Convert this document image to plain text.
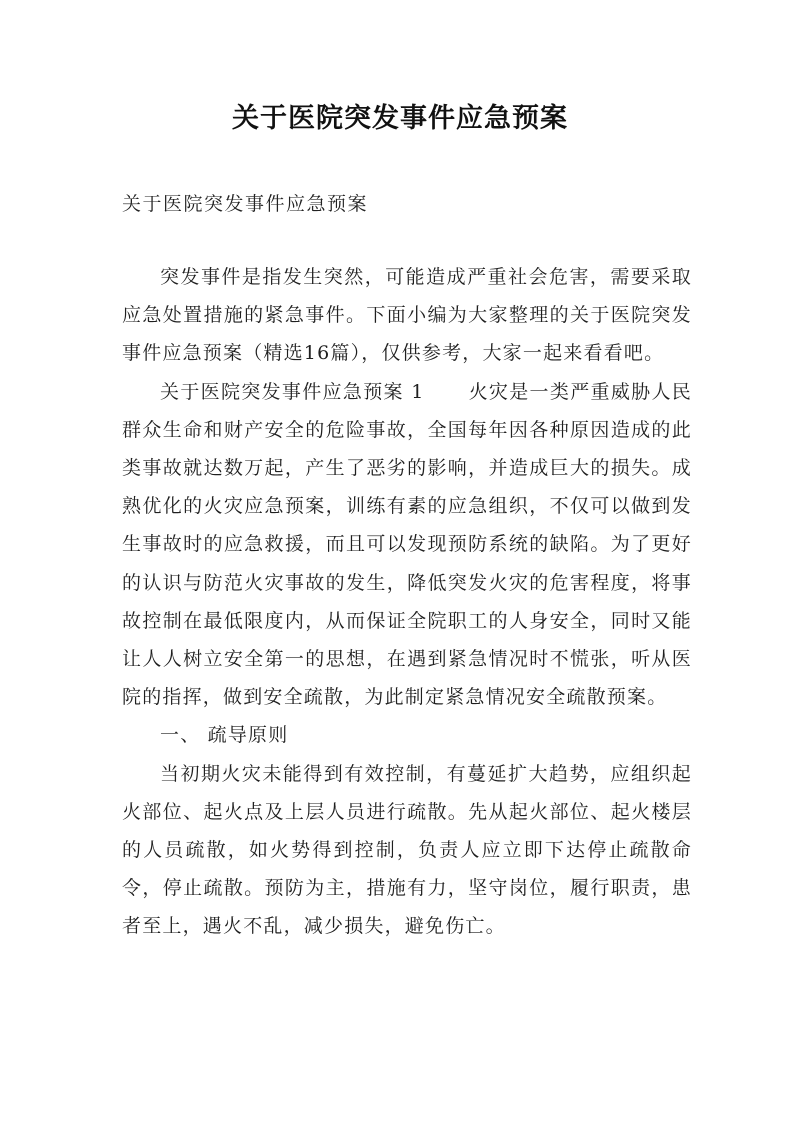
关于医院突发事件应急预案
关于医院突发事件应急预案

突发事件是指发生突然，可能造成严重社会危害，需要采取应急处置措施的紧急事件。下面小编为大家整理的关于医院突发事件应急预案（精选16篇），仅供参考，大家一起来看看吧。

关于医院突发事件应急预案 1 火灾是一类严重威胁人民群众生命和财产安全的危险事故，全国每年因各种原因造成的此类事故就达数万起，产生了恶劣的影响，并造成巨大的损失。成熟优化的火灾应急预案，训练有素的应急组织，不仅可以做到发生事故时的应急救援，而且可以发现预防系统的缺陷。为了更好的认识与防范火灾事故的发生，降低突发火灾的危害程度，将事故控制在最低限度内，从而保证全院职工的人身安全，同时又能让人人树立安全第一的思想，在遇到紧急情况时不慌张，听从医院的指挥，做到安全疏散，为此制定紧急情况安全疏散预案。

一、 疏导原则

当初期火灾未能得到有效控制，有蔓延扩大趋势，应组织起火部位、起火点及上层人员进行疏散。先从起火部位、起火楼层的人员疏散，如火势得到控制，负责人应立即下达停止疏散命令，停止疏散。预防为主，措施有力，坚守岗位，履行职责，患者至上，遇火不乱，减少损失，避免伤亡。
